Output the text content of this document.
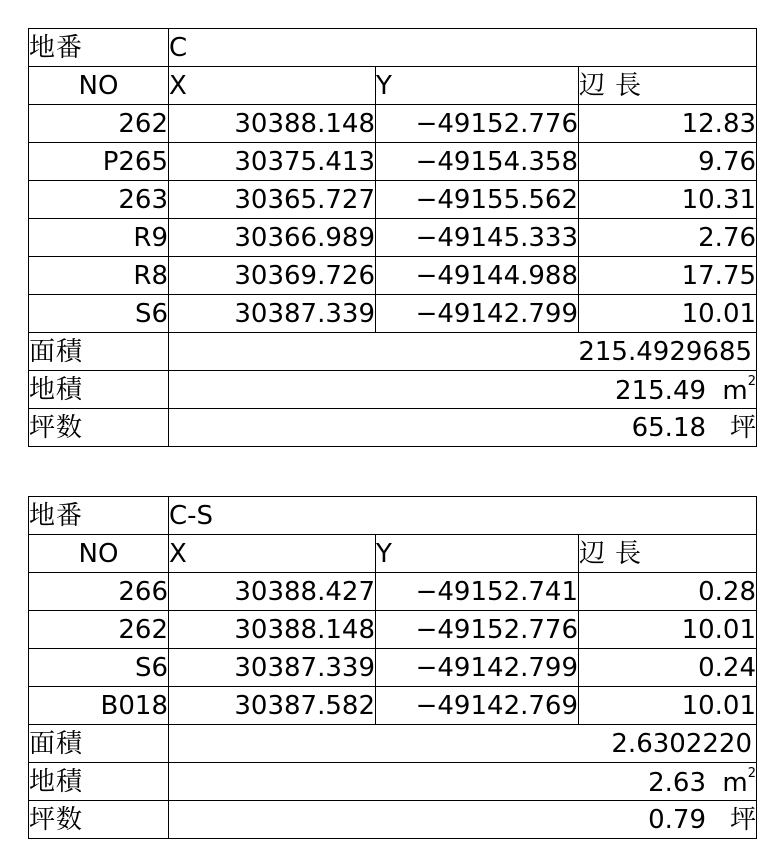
地番	C		
NO	X	Y	辺長
262	30388.148	−49152.776	12.83
P265	30375.413	−49154.358	9.76
263	30365.727	−49155.562	10.31
R9	30366.989	−49145.333	2.76
R8	30369.726	−49144.988	17.75
S6	30387.339	−49142.799	10.01
面積	215.4929685		
地積	215.49 $m^2$
坪数	65.18 坪		
地番	C-S		
NO	X	Y	辺長
266	30388.427	−49152.741	0.28
262	30388.148	−49152.776	10.01
S6	30387.339	−49142.799	0.24
B018	30387.582	−49142.769	10.01
面積	2.6302220		
地積	2.63 $m^2$
坪数	0.79 坪		
